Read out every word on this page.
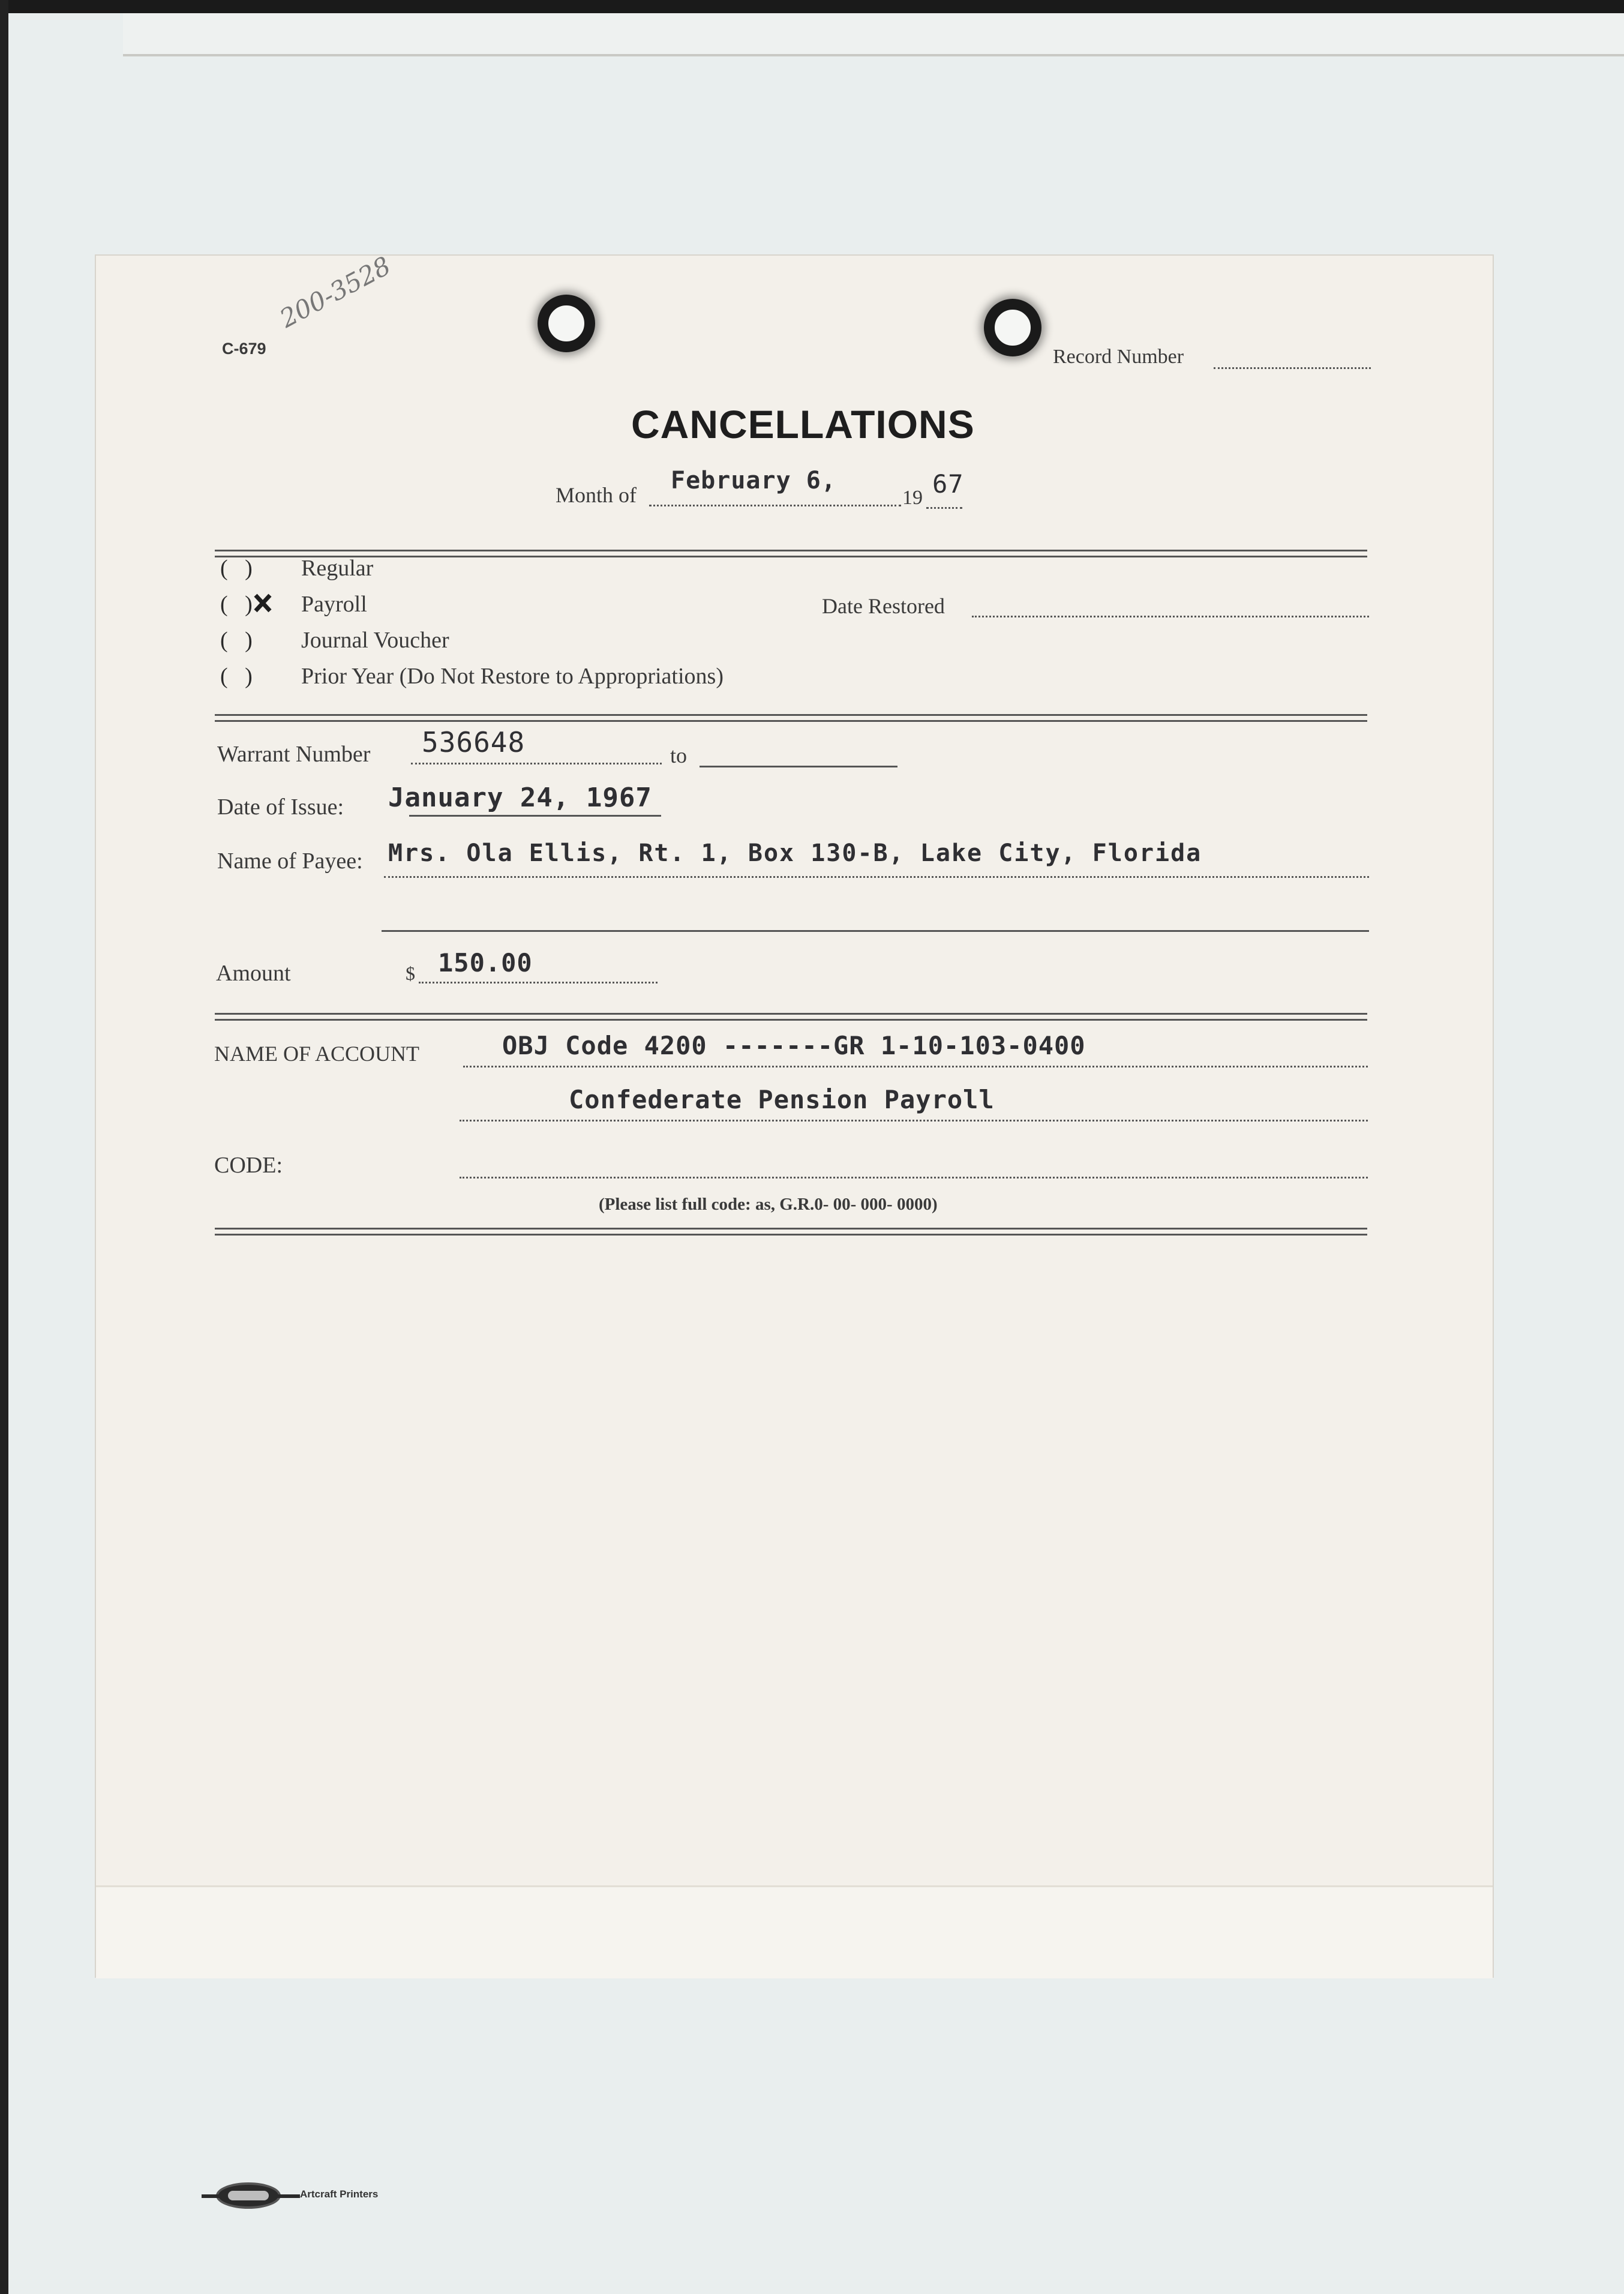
C-679
200-3528
Record Number
CANCELLATIONS
Month of
February 6,
19 67
(   ) Regular
(   ) Payroll
(   ) Journal Voucher
(   ) Prior Year (Do Not Restore to Appropriations)
Date Restored
Warrant Number 536648	to
Date of Issue: January 24, 1967
Name of Payee: Mrs. Ola Ellis, Rt. 1, Box 130-B, Lake City, Florida
Amount	$ 150.00
NAME OF ACCOUNT	OBJ Code 4200 -------GR 1-10-103-0400
Confederate Pension Payroll
CODE:
(Please list full code: as, G.R.0- 00- 000- 0000)
Artcraft Printers
